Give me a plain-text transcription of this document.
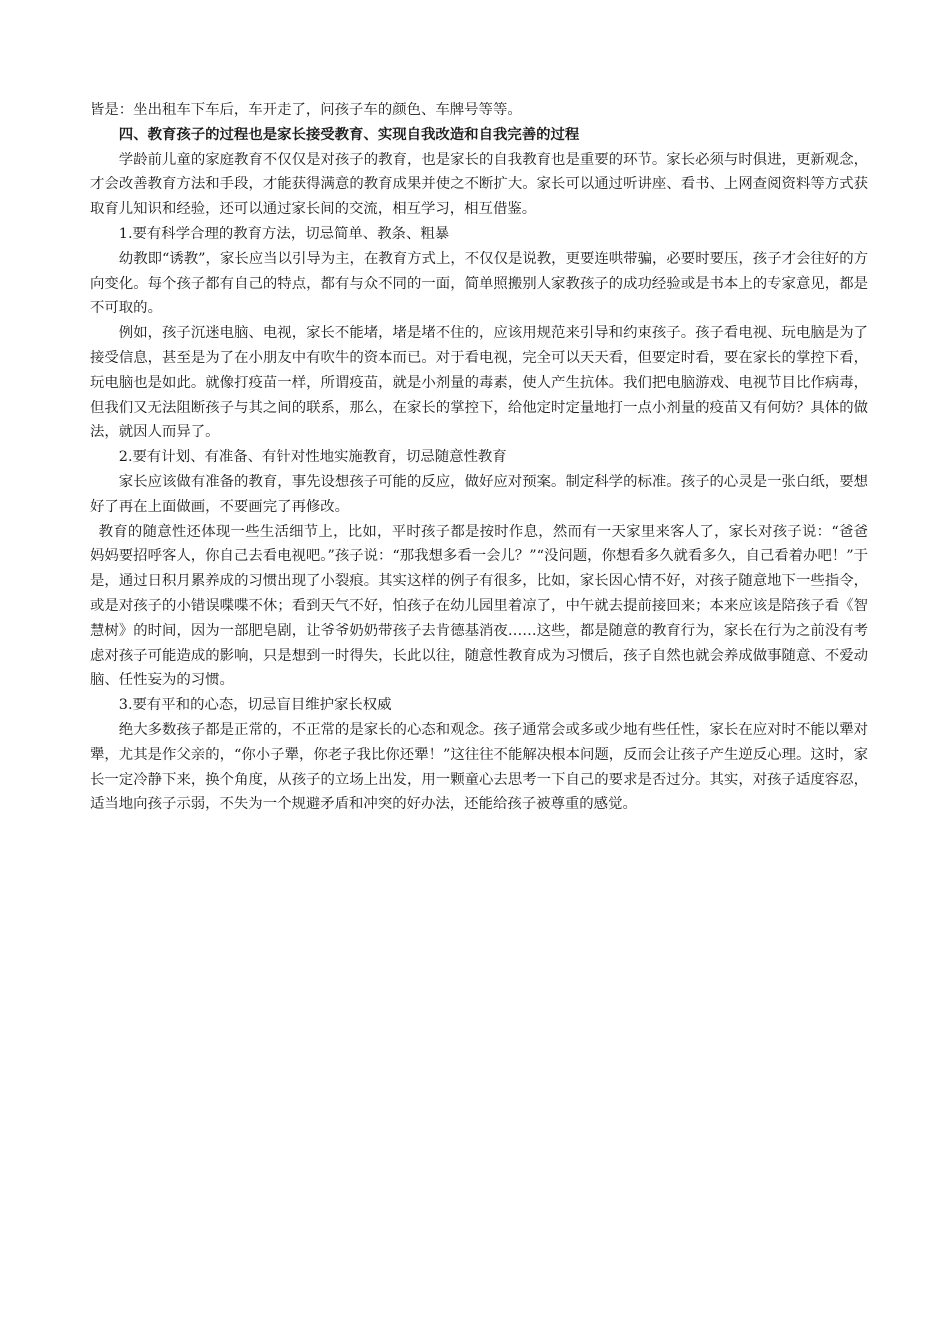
皆是：坐出租车下车后，车开走了，问孩子车的颜色、车牌号等等。

四、教育孩子的过程也是家长接受教育、实现自我改造和自我完善的过程

学龄前儿童的家庭教育不仅仅是对孩子的教育，也是家长的自我教育也是重要的环节。家长必须与时俱进，更新观念，才会改善教育方法和手段，才能获得满意的教育成果并使之不断扩大。家长可以通过听讲座、看书、上网查阅资料等方式获取育儿知识和经验，还可以通过家长间的交流，相互学习，相互借鉴。

1.要有科学合理的教育方法，切忌简单、教条、粗暴

幼教即“诱教”，家长应当以引导为主，在教育方式上，不仅仅是说教，更要连哄带骗，必要时要压，孩子才会往好的方向变化。每个孩子都有自己的特点，都有与众不同的一面，简单照搬别人家教孩子的成功经验或是书本上的专家意见，都是不可取的。

例如，孩子沉迷电脑、电视，家长不能堵，堵是堵不住的，应该用规范来引导和约束孩子。孩子看电视、玩电脑是为了接受信息，甚至是为了在小朋友中有吹牛的资本而已。对于看电视，完全可以天天看，但要定时看，要在家长的掌控下看，玩电脑也是如此。就像打疫苗一样，所谓疫苗，就是小剂量的毒素，使人产生抗体。我们把电脑游戏、电视节目比作病毒，但我们又无法阻断孩子与其之间的联系，那么，在家长的掌控下，给他定时定量地打一点小剂量的疫苗又有何妨？具体的做法，就因人而异了。

2.要有计划、有准备、有针对性地实施教育，切忌随意性教育

家长应该做有准备的教育，事先设想孩子可能的反应，做好应对预案。制定科学的标准。孩子的心灵是一张白纸，要想好了再在上面做画，不要画完了再修改。

教育的随意性还体现一些生活细节上，比如，平时孩子都是按时作息，然而有一天家里来客人了，家长对孩子说：“爸爸妈妈要招呼客人，你自己去看电视吧。”孩子说：“那我想多看一会儿？”“没问题，你想看多久就看多久，自己看着办吧！”于是，通过日积月累养成的习惯出现了小裂痕。其实这样的例子有很多，比如，家长因心情不好，对孩子随意地下一些指令，或是对孩子的小错误喋喋不休；看到天气不好，怕孩子在幼儿园里着凉了，中午就去提前接回来；本来应该是陪孩子看《智慧树》的时间，因为一部肥皂剧，让爷爷奶奶带孩子去肯德基消夜……这些，都是随意的教育行为，家长在行为之前没有考虑对孩子可能造成的影响，只是想到一时得失，长此以往，随意性教育成为习惯后，孩子自然也就会养成做事随意、不爱动脑、任性妄为的习惯。

3.要有平和的心态，切忌盲目维护家长权威

绝大多数孩子都是正常的，不正常的是家长的心态和观念。孩子通常会或多或少地有些任性，家长在应对时不能以犟对犟，尤其是作父亲的，“你小子犟，你老子我比你还犟！”这往往不能解决根本问题，反而会让孩子产生逆反心理。这时，家长一定冷静下来，换个角度，从孩子的立场上出发，用一颗童心去思考一下自己的要求是否过分。其实，对孩子适度容忍，适当地向孩子示弱，不失为一个规避矛盾和冲突的好办法，还能给孩子被尊重的感觉。
